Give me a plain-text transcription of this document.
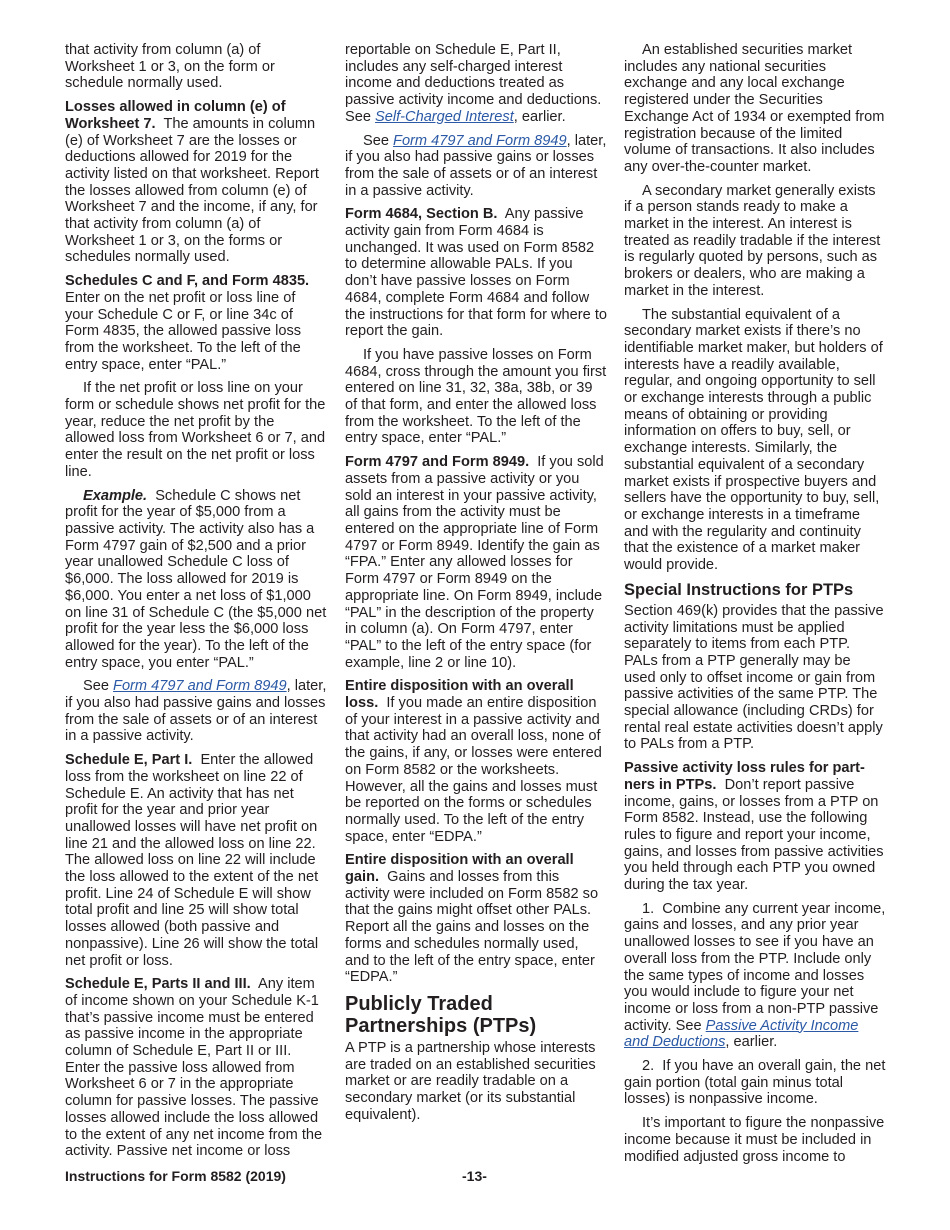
that activity from column (a) of Worksheet 1 or 3, on the form or schedule normally used.

Losses allowed in column (e) of Worksheet 7. The amounts in column (e) of Worksheet 7 are the losses or deductions allowed for 2019 for the activity listed on that worksheet. Report the losses allowed from column (e) of Worksheet 7 and the income, if any, for that activity from column (a) of Worksheet 1 or 3, on the forms or schedules normally used.

Schedules C and F, and Form 4835. Enter on the net profit or loss line of your Schedule C or F, or line 34c of Form 4835, the allowed passive loss from the worksheet. To the left of the entry space, enter “PAL.”

If the net profit or loss line on your form or schedule shows net profit for the year, reduce the net profit by the allowed loss from Worksheet 6 or 7, and enter the result on the net profit or loss line.

Example. Schedule C shows net profit for the year of $5,000 from a passive activity. The activity also has a Form 4797 gain of $2,500 and a prior year unallowed Schedule C loss of $6,000. The loss allowed for 2019 is $6,000. You enter a net loss of $1,000 on line 31 of Schedule C (the $5,000 net profit for the year less the $6,000 loss allowed for the year). To the left of the entry space, you enter “PAL.”

See Form 4797 and Form 8949, later, if you also had passive gains and losses from the sale of assets or of an interest in a passive activity.

Schedule E, Part I. Enter the allowed loss from the worksheet on line 22 of Schedule E. An activity that has net profit for the year and prior year unallowed losses will have net profit on line 21 and the allowed loss on line 22. The allowed loss on line 22 will include the loss allowed to the extent of the net profit. Line 24 of Schedule E will show total profit and line 25 will show total losses allowed (both passive and nonpassive). Line 26 will show the total net profit or loss.

Schedule E, Parts II and III. Any item of income shown on your Schedule K-1 that’s passive income must be entered as passive income in the appropriate column of Schedule E, Part II or III. Enter the passive loss allowed from Worksheet 6 or 7 in the appropriate column for passive losses. The passive losses allowed include the loss allowed to the extent of any net income from the activity. Passive net income or loss

reportable on Schedule E, Part II, includes any self-charged interest income and deductions treated as passive activity income and deductions. See Self-Charged Interest, earlier.

See Form 4797 and Form 8949, later, if you also had passive gains or losses from the sale of assets or of an interest in a passive activity.

Form 4684, Section B. Any passive activity gain from Form 4684 is unchanged. It was used on Form 8582 to determine allowable PALs. If you don’t have passive losses on Form 4684, complete Form 4684 and follow the instructions for that form for where to report the gain.

If you have passive losses on Form 4684, cross through the amount you first entered on line 31, 32, 38a, 38b, or 39 of that form, and enter the allowed loss from the worksheet. To the left of the entry space, enter “PAL.”

Form 4797 and Form 8949. If you sold assets from a passive activity or you sold an interest in your passive activity, all gains from the activity must be entered on the appropriate line of Form 4797 or Form 8949. Identify the gain as “FPA.” Enter any allowed losses for Form 4797 or Form 8949 on the appropriate line. On Form 8949, include “PAL” in the description of the property in column (a). On Form 4797, enter “PAL” to the left of the entry space (for example, line 2 or line 10).

Entire disposition with an overall loss. If you made an entire disposition of your interest in a passive activity and that activity had an overall loss, none of the gains, if any, or losses were entered on Form 8582 or the worksheets. However, all the gains and losses must be reported on the forms or schedules normally used. To the left of the entry space, enter “EDPA.”

Entire disposition with an overall gain. Gains and losses from this activity were included on Form 8582 so that the gains might offset other PALs. Report all the gains and losses on the forms and schedules normally used, and to the left of the entry space, enter “EDPA.”

Publicly Traded Partnerships (PTPs)

A PTP is a partnership whose interests are traded on an established securities market or are readily tradable on a secondary market (or its substantial equivalent).

An established securities market includes any national securities exchange and any local exchange registered under the Securities Exchange Act of 1934 or exempted from registration because of the limited volume of transactions. It also includes any over-the-counter market.

A secondary market generally exists if a person stands ready to make a market in the interest. An interest is treated as readily tradable if the interest is regularly quoted by persons, such as brokers or dealers, who are making a market in the interest.

The substantial equivalent of a secondary market exists if there’s no identifiable market maker, but holders of interests have a readily available, regular, and ongoing opportunity to sell or exchange interests through a public means of obtaining or providing information on offers to buy, sell, or exchange interests. Similarly, the substantial equivalent of a secondary market exists if prospective buyers and sellers have the opportunity to buy, sell, or exchange interests in a timeframe and with the regularity and continuity that the existence of a market maker would provide.

Special Instructions for PTPs

Section 469(k) provides that the passive activity limitations must be applied separately to items from each PTP. PALs from a PTP generally may be used only to offset income or gain from passive activities of the same PTP. The special allowance (including CRDs) for rental real estate activities doesn’t apply to PALs from a PTP.

Passive activity loss rules for partners in PTPs. Don’t report passive income, gains, or losses from a PTP on Form 8582. Instead, use the following rules to figure and report your income, gains, and losses from passive activities you held through each PTP you owned during the tax year.

1.  Combine any current year income, gains and losses, and any prior year unallowed losses to see if you have an overall loss from the PTP. Include only the same types of income and losses you would include to figure your net income or loss from a non-PTP passive activity. See Passive Activity Income and Deductions, earlier.

2.  If you have an overall gain, the net gain portion (total gain minus total losses) is nonpassive income.

It’s important to figure the nonpassive income because it must be included in modified adjusted gross income to

Instructions for Form 8582 (2019)	-13-
